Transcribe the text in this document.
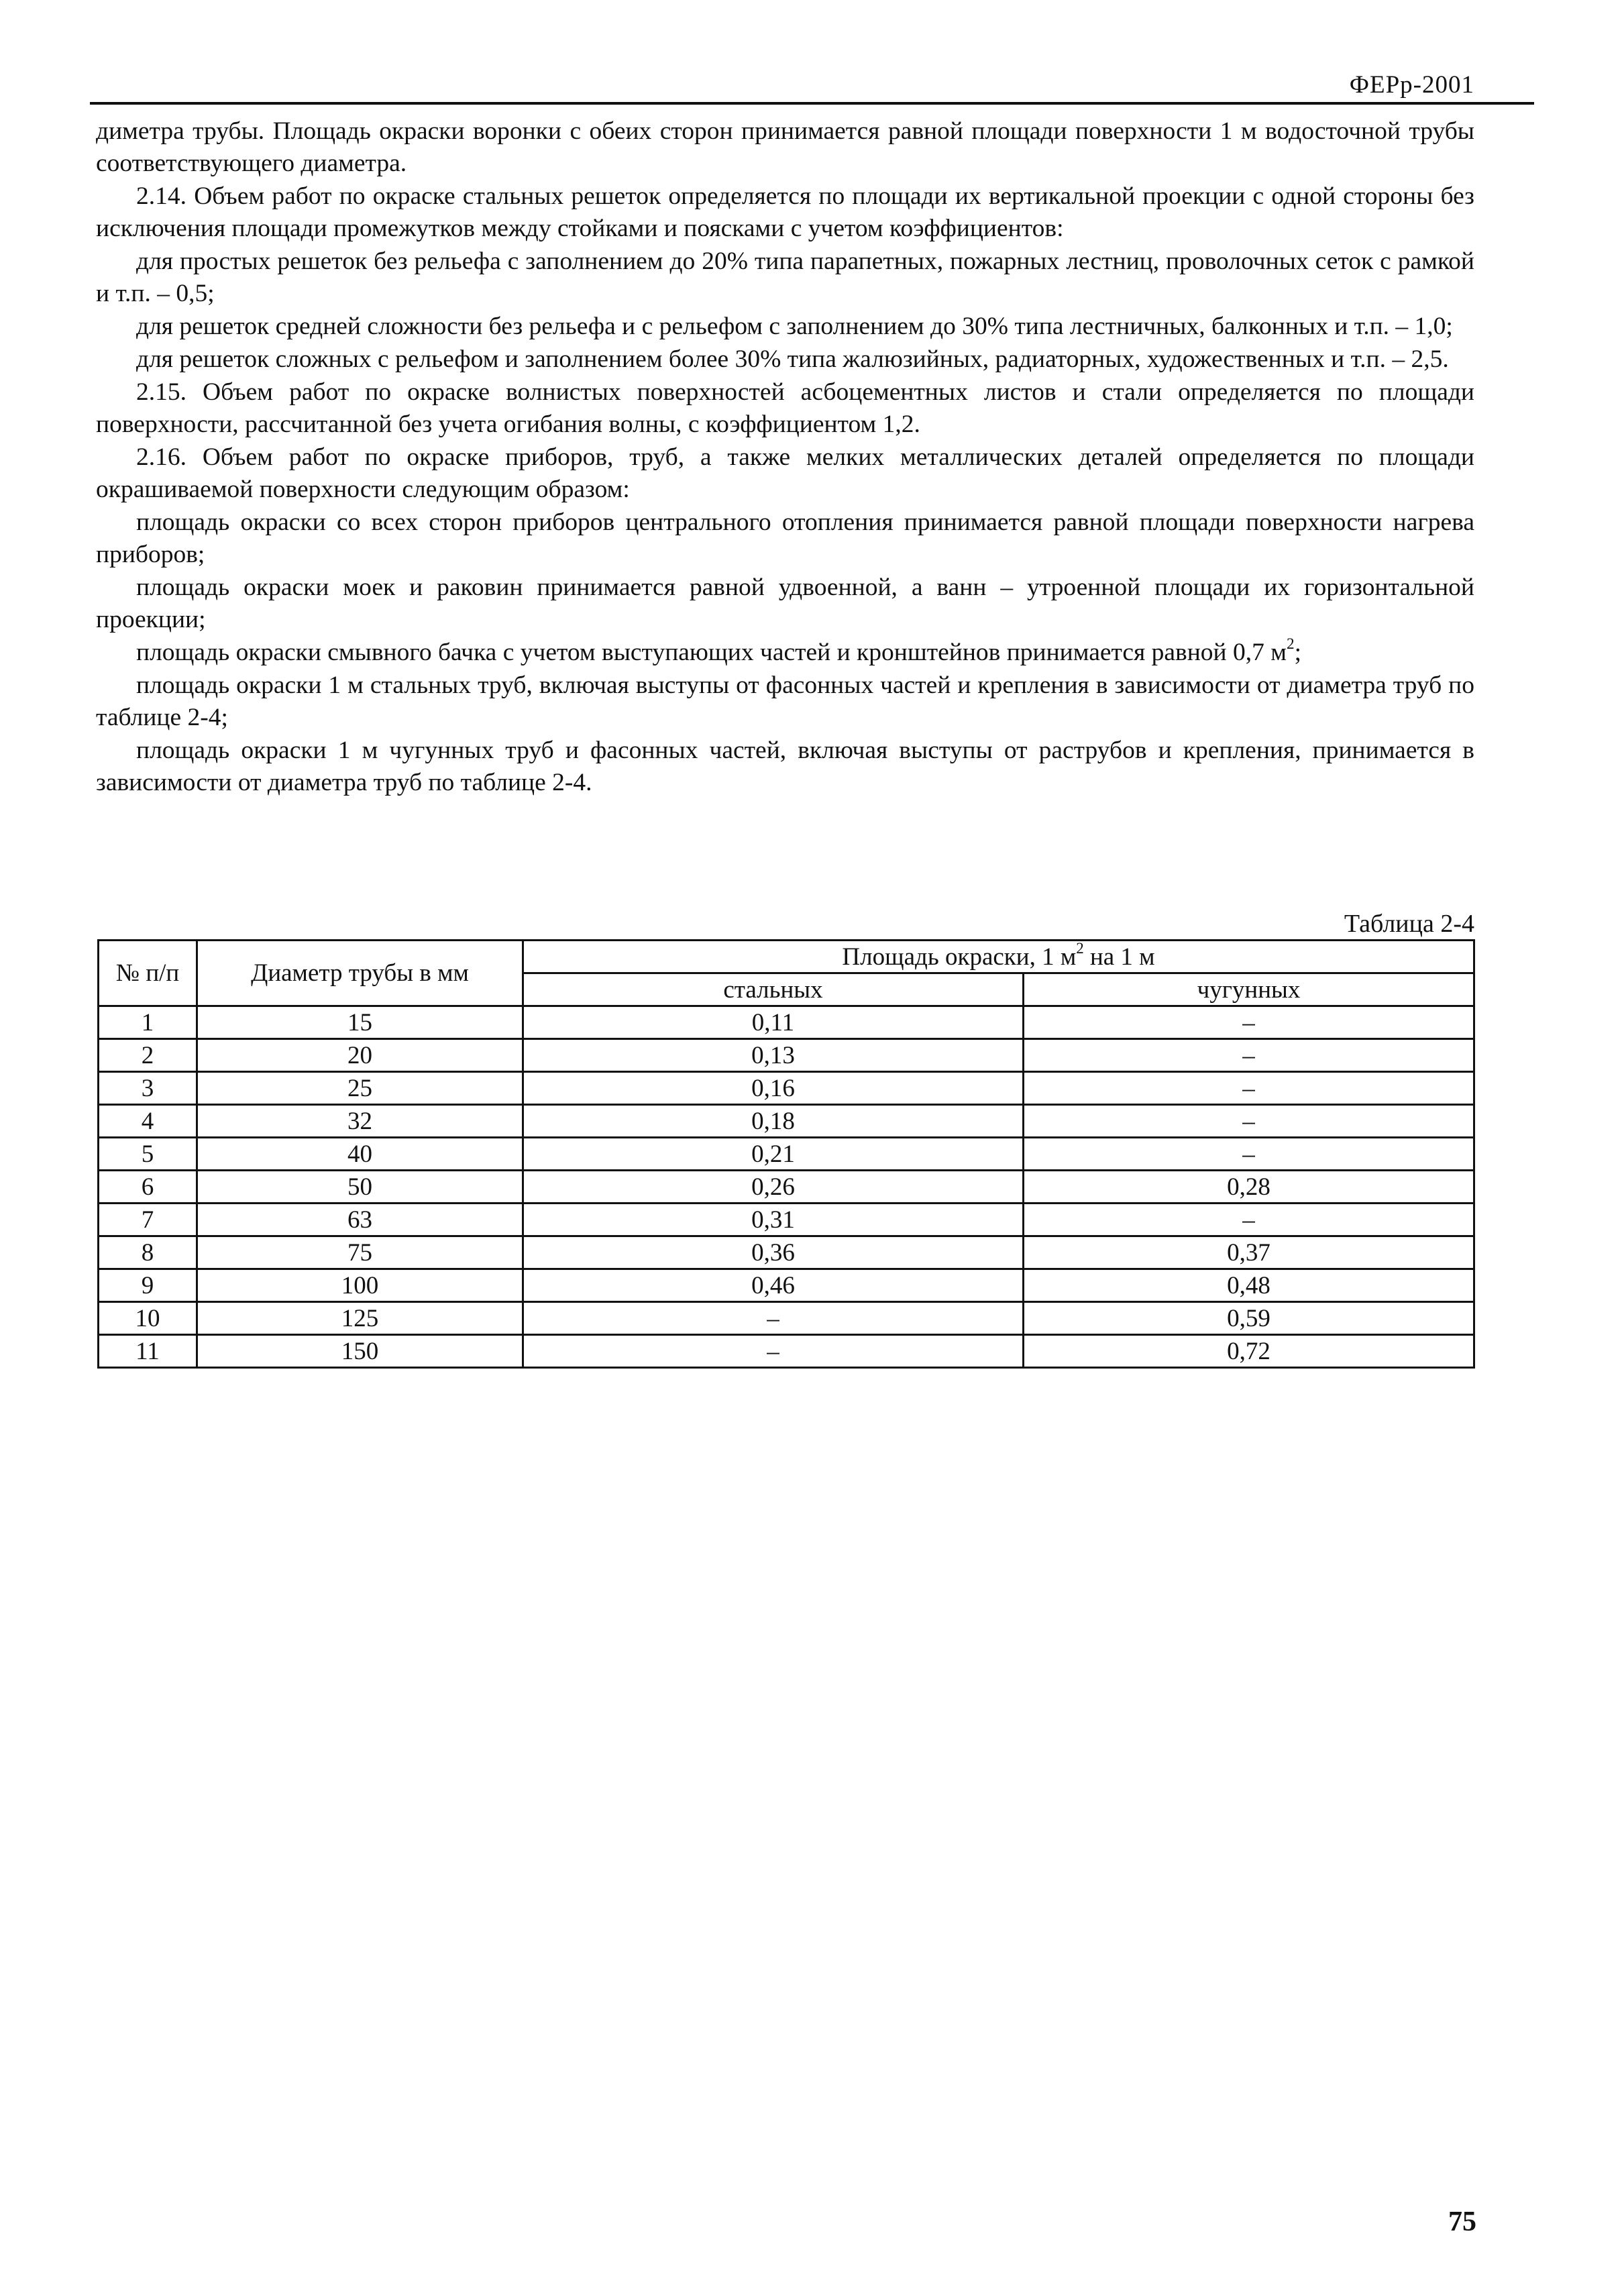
ФЕРр-2001

диметра трубы. Площадь окраски воронки с обеих сторон принимается равной площади поверхности 1 м водосточной трубы соответствующего диаметра.

2.14. Объем работ по окраске стальных решеток определяется по площади их вертикальной проекции с одной стороны без исключения площади промежутков между стойками и поясками с учетом коэффициентов:

для простых решеток без рельефа с заполнением до 20% типа парапетных, пожарных лестниц, проволочных сеток с рамкой и т.п. – 0,5;

для решеток средней сложности без рельефа и с рельефом с заполнением до 30% типа лестничных, балконных и т.п. – 1,0;

для решеток сложных с рельефом и заполнением более 30% типа жалюзийных, радиаторных, художественных и т.п. – 2,5.

2.15. Объем работ по окраске волнистых поверхностей асбоцементных листов и стали определяется по площади поверхности, рассчитанной без учета огибания волны, с коэффициентом 1,2.

2.16. Объем работ по окраске приборов, труб, а также мелких металлических деталей определяется по площади окрашиваемой поверхности следующим образом:

площадь окраски со всех сторон приборов центрального отопления принимается равной площади поверхности нагрева приборов;

площадь окраски моек и раковин принимается равной удвоенной, а ванн – утроенной площади их горизонтальной проекции;

площадь окраски смывного бачка с учетом выступающих частей и кронштейнов принимается равной 0,7 $м^2$;

площадь окраски 1 м стальных труб, включая выступы от фасонных частей и крепления в зависимости от диаметра труб по таблице 2-4;

площадь окраски 1 м чугунных труб и фасонных частей, включая выступы от раструбов и крепления, принимается в зависимости от диаметра труб по таблице 2-4.

Таблица 2-4
№ п/п	Диаметр трубы в мм	Площадь окраски, 1 $м^2$ на 1 м	
		стальных	чугунных
1	15	0,11	–
2	20	0,13	–
3	25	0,16	–
4	32	0,18	–
5	40	0,21	–
6	50	0,26	0,28
7	63	0,31	–
8	75	0,36	0,37
9	100	0,46	0,48
10	125	–	0,59
11	150	–	0,72
75
